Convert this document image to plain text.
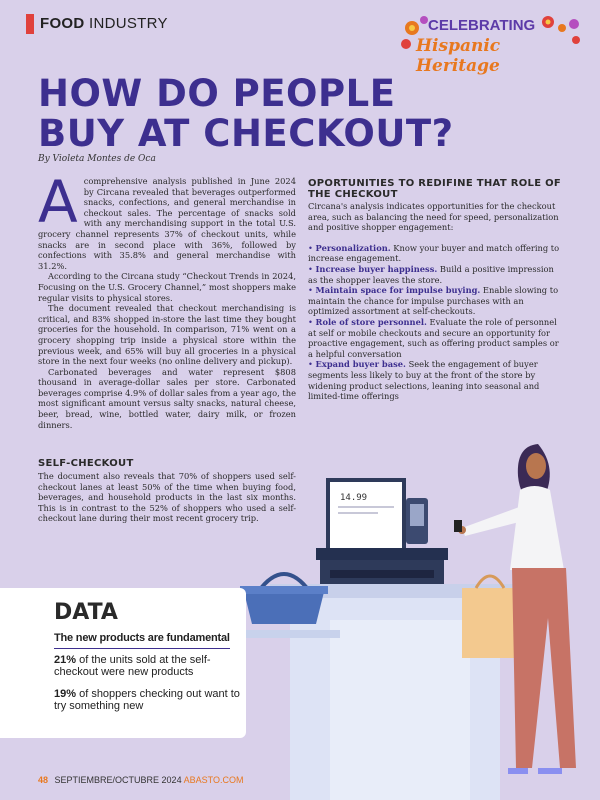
FOOD INDUSTRY	CELEBRATING
Hispanic Heritage
HOW DO PEOPLE BUY AT CHECKOUT?
By Violeta Montes de Oca

Acomprehensive analysis published in June 2024 by Circana revealed that beverages outperformed snacks, confections, and general merchandise in checkout sales. The percentage of snacks sold with any merchandising support in the total U.S. grocery channel represents 37% of checkout units, while snacks are in second place with 36%, followed by confections with 35.8% and general merchandise with 31.2%.

According to the Circana study “Checkout Trends in 2024, Focusing on the U.S. Grocery Channel,” most shoppers make regular visits to physical stores.

The document revealed that checkout merchandising is critical, and 83% shopped in-store the last time they bought groceries for the household. In comparison, 71% went on a grocery shopping trip inside a physical store within the previous week, and 65% will buy all groceries in a physical store in the next four weeks (no online delivery and pickup).

Carbonated beverages and water represent $808 thousand in average-dollar sales per store. Carbonated beverages comprise 4.9% of dollar sales from a year ago, the most significant amount versus salty snacks, natural cheese, beer, bread, wine, bottled water, dairy milk, or frozen dinners.

SELF-CHECKOUT
The document also reveals that 70% of shoppers used self-checkout lanes at least 50% of the time when buying food, beverages, and household products in the last six months. This is in contrast to the 52% of shoppers who used a self-checkout lane during their most recent grocery trip.
OPORTUNITIES TO REDIFINE THAT ROLE OF THE CHECKOUT
Circana's analysis indicates opportunities for the checkout area, such as balancing the need for speed, personalization and positive shopper engagement:
• Personalization. Know your buyer and match offering to increase engagement.
• Increase buyer happiness. Build a positive impression as the shopper leaves the store.
• Maintain space for impulse buying. Enable slowing to maintain the chance for impulse purchases with an optimized assortment at self-checkouts.
• Role of store personnel. Evaluate the role of personnel at self or mobile checkouts and secure an opportunity for proactive engagement, such as offering product samples or a helpful conversation
• Expand buyer base. Seek the engagement of buyer segments less likely to buy at the front of the store by widening product selections, leaning into seasonal and limited-time offerings
14.99
DATA
The new products are fundamental
21% of the units sold at the self-checkout were new products
19% of shoppers checking out want to try something new
48 SEPTIEMBRE/OCTUBRE 2024 ABASTO.COM
